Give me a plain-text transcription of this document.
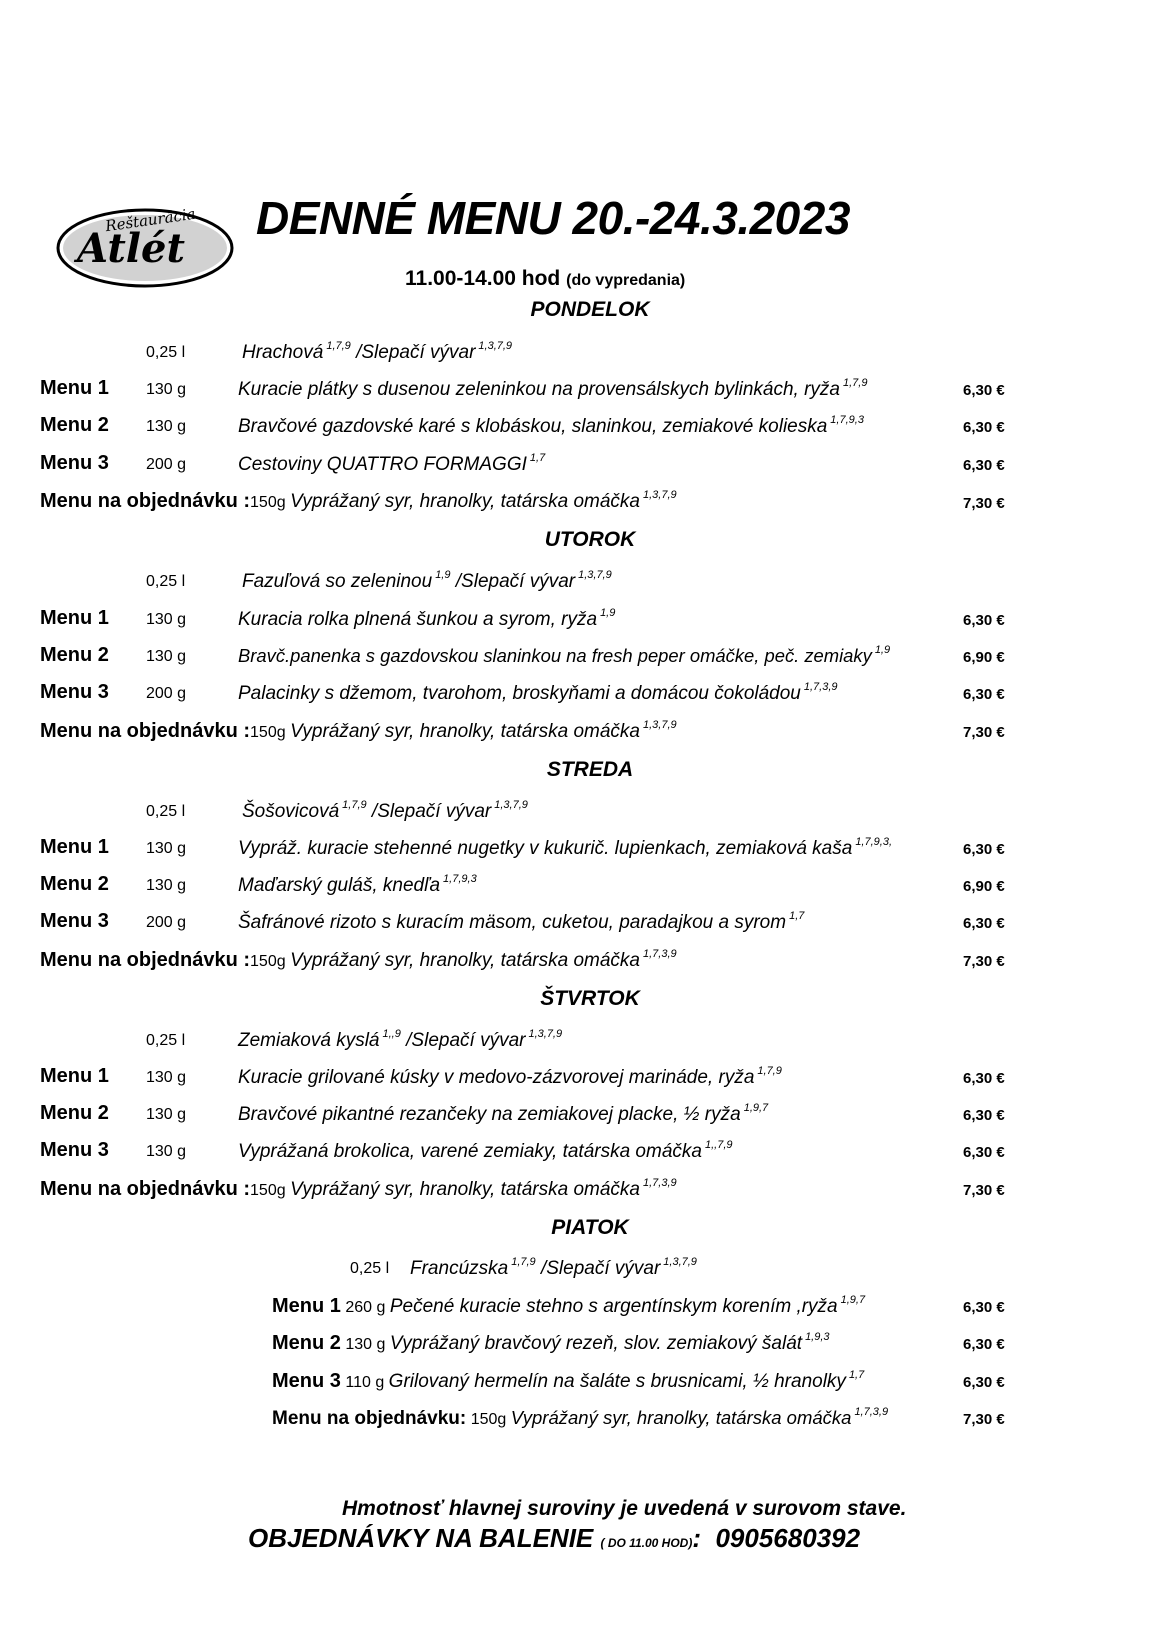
Reštaurácia
Atlét
DENNÉ MENU 20.-24.3.2023
11.00-14.00 hod (do vypredania)
PONDELOK
0,25 l	Hrachová $^{1,7,9}$ /Slepačí vývar $^{1,3,7,9}$
Menu 1 130 g	Kuracie plátky s dusenou zeleninkou na provensálskych bylinkách, ryža $^{1,7,9}$	6,30 €
Menu 2 130 g	Bravčové gazdovské karé s klobáskou, slaninkou, zemiakové kolieska $^{1,7,9,3}$	6,30 €
Menu 3 200 g	Cestoviny QUATTRO FORMAGGI $^{1,7}$	6,30 €
Menu na objednávku :150g Vyprážaný syr, hranolky, tatárska omáčka $^{1,3,7,9}$	7,30 €
UTOROK
0,25 l	Fazuľová so zeleninou $^{1,9}$ /Slepačí vývar $^{1,3,7,9}$
Menu 1 130 g	Kuracia rolka plnená šunkou a syrom, ryža $^{1,9}$	6,30 €
Menu 2 130 g	Bravč.panenka s gazdovskou slaninkou na fresh peper omáčke, peč. zemiaky $^{1,9}$	6,90 €
Menu 3 200 g	Palacinky s džemom, tvarohom, broskyňami a domácou čokoládou $^{1,7,3,9}$	6,30 €
Menu na objednávku :150g Vyprážaný syr, hranolky, tatárska omáčka $^{1,3,7,9}$	7,30 €
STREDA
0,25 l	Šošovicová $^{1,7,9}$ /Slepačí vývar $^{1,3,7,9}$
Menu 1 130 g	Vypráž. kuracie stehenné nugetky v kukurič. lupienkach, zemiaková kaša $^{1,7,9,3,}$	6,30 €
Menu 2 130 g	Maďarský guláš, knedľa $^{1,7,9,3}$	6,90 €
Menu 3 200 g	Šafránové rizoto s kuracím mäsom, cuketou, paradajkou a syrom $^{1,7}$	6,30 €
Menu na objednávku :150g Vyprážaný syr, hranolky, tatárska omáčka $^{1,7,3,9}$	7,30 €
ŠTVRTOK
0,25 l	Zemiaková kyslá $^{1,,9}$ /Slepačí vývar $^{1,3,7,9}$
Menu 1 130 g	Kuracie grilované kúsky v medovo-zázvorovej marináde, ryža $^{1,7,9}$	6,30 €
Menu 2 130 g	Bravčové pikantné rezančeky na zemiakovej placke, ½ ryža $^{1,9,7}$	6,30 €
Menu 3 130 g	Vyprážaná brokolica, varené zemiaky, tatárska omáčka $^{1,,7,9}$	6,30 €
Menu na objednávku :150g Vyprážaný syr, hranolky, tatárska omáčka $^{1,7,3,9}$	7,30 €
PIATOK
0,25 l Francúzska $^{1,7,9}$ /Slepačí vývar $^{1,3,7,9}$
Menu 1 260 g Pečené kuracie stehno s argentínskym korením ,ryža $^{1,9,7}$	6,30 €
Menu 2 130 g Vyprážaný bravčový rezeň, slov. zemiakový šalát $^{1,9,3}$	6,30 €
Menu 3 110 g Grilovaný hermelín na šaláte s brusnicami, ½ hranolky $^{1,7}$	6,30 €
Menu na objednávku: 150g Vyprážaný syr, hranolky, tatárska omáčka $^{1,7,3,9}$	7,30 €
Hmotnosť hlavnej suroviny je uvedená v surovom stave.
OBJEDNÁVKY NA BALENIE ( DO 11.00 HOD): 0905680392
